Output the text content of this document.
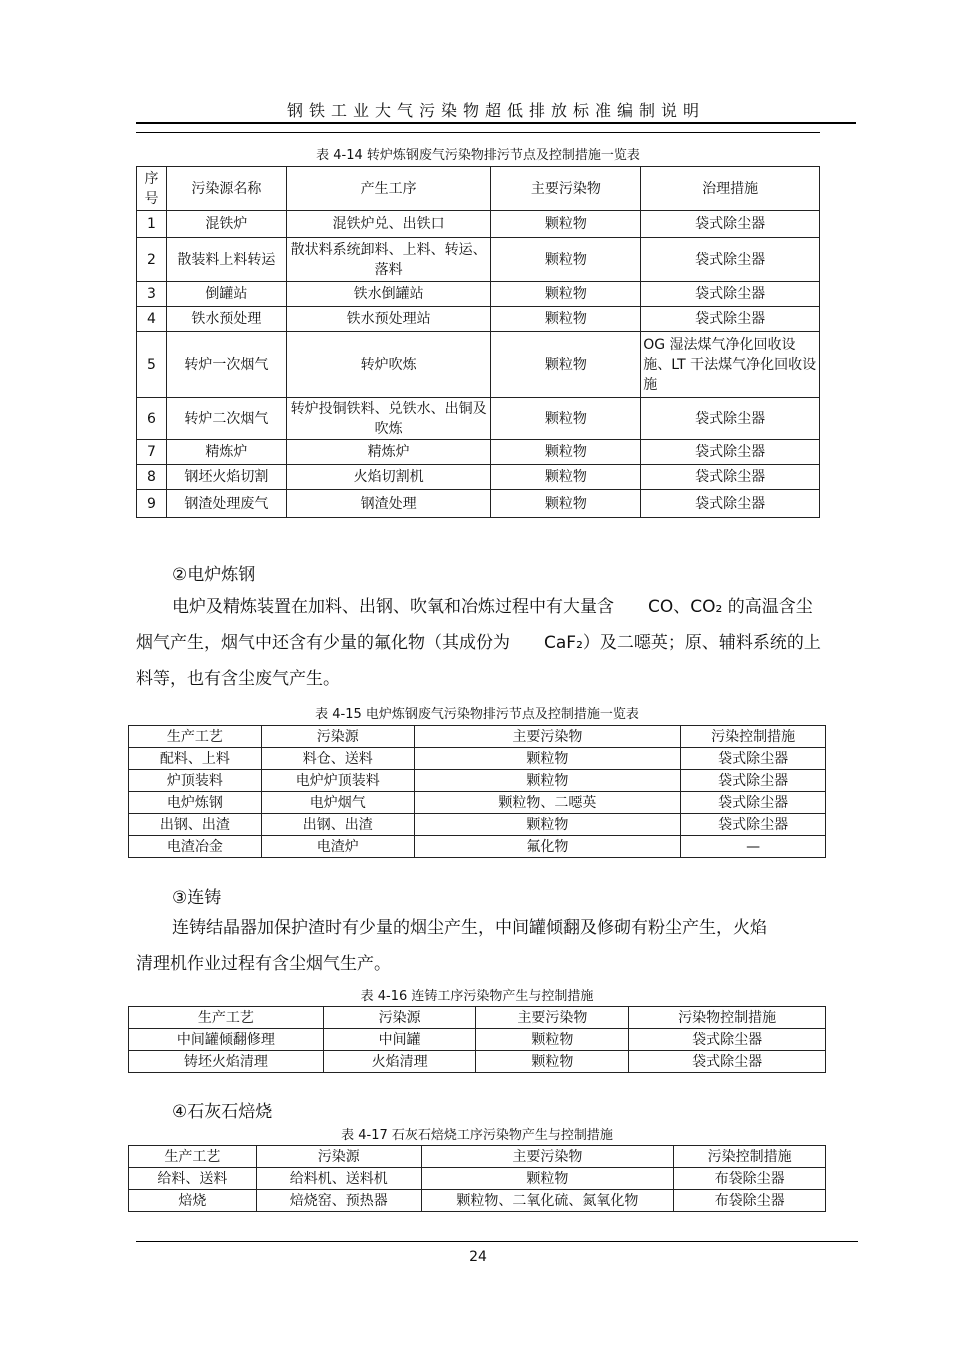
钢铁工业大气污染物超低排放标准编制说明
表 4-14 转炉炼钢废气污染物排污节点及控制措施一览表
序号	污染源名称	产生工序	主要污染物	治理措施
1	混铁炉	混铁炉兑、出铁口	颗粒物	袋式除尘器
2	散装料上料转运	散状料系统卸料、上料、转运、落料	颗粒物	袋式除尘器
3	倒罐站	铁水倒罐站	颗粒物	袋式除尘器
4	铁水预处理	铁水预处理站	颗粒物	袋式除尘器
5	转炉一次烟气	转炉吹炼	颗粒物	OG 湿法煤气净化回收设施、LT 干法煤气净化回收设施
6	转炉二次烟气	转炉投铜铁料、兑铁水、出铜及吹炼	颗粒物	袋式除尘器
7	精炼炉	精炼炉	颗粒物	袋式除尘器
8	钢坯火焰切割	火焰切割机	颗粒物	袋式除尘器
9	钢渣处理废气	钢渣处理	颗粒物	袋式除尘器
②电炉炼钢
电炉及精炼装置在加料、出钢、吹氧和冶炼过程中有大量含　　CO、CO₂ 的高温含尘烟气产生，烟气中还含有少量的氟化物（其成份为　　CaF₂）及二噁英；原、辅料系统的上料等，也有含尘废气产生。
表 4-15 电炉炼钢废气污染物排污节点及控制措施一览表
生产工艺	污染源	主要污染物	污染控制措施
配料、上料	料仓、送料	颗粒物	袋式除尘器
炉顶装料	电炉炉顶装料	颗粒物	袋式除尘器
电炉炼钢	电炉烟气	颗粒物、二噁英	袋式除尘器
出钢、出渣	出钢、出渣	颗粒物	袋式除尘器
电渣冶金	电渣炉	氟化物	—
③连铸
连铸结晶器加保护渣时有少量的烟尘产生，中间罐倾翻及修砌有粉尘产生，火焰清理机作业过程有含尘烟气生产。
表 4-16 连铸工序污染物产生与控制措施
生产工艺	污染源	主要污染物	污染物控制措施
中间罐倾翻修理	中间罐	颗粒物	袋式除尘器
铸坯火焰清理	火焰清理	颗粒物	袋式除尘器
④石灰石焙烧
表 4-17 石灰石焙烧工序污染物产生与控制措施
生产工艺	污染源	主要污染物	污染控制措施
给料、送料	给料机、送料机	颗粒物	布袋除尘器
焙烧	焙烧窑、预热器	颗粒物、二氧化硫、氮氧化物	布袋除尘器
24
